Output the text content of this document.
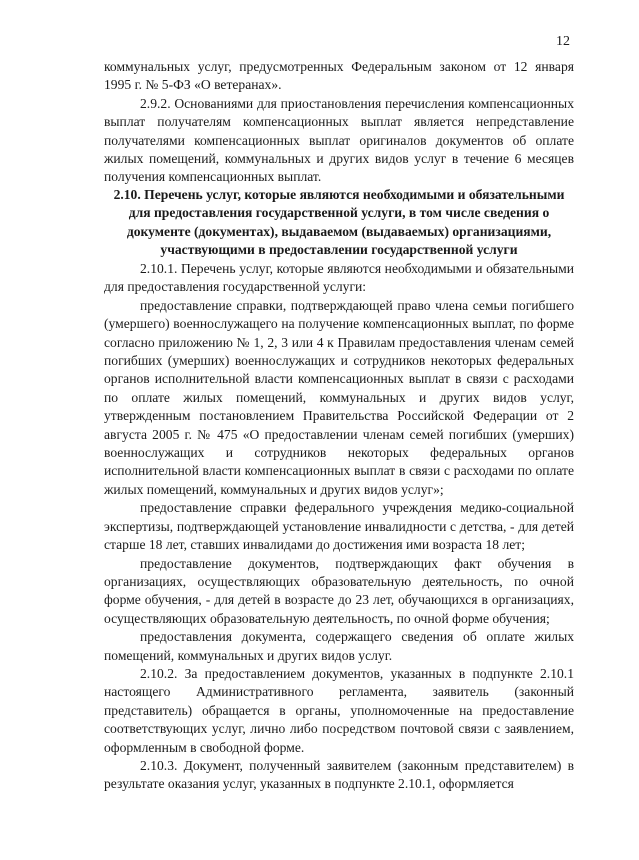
12

коммунальных услуг, предусмотренных Федеральным законом от 12 января 1995 г. № 5-ФЗ «О ветеранах».

2.9.2. Основаниями для приостановления перечисления компенсационных выплат получателям компенсационных выплат является непредставление получателями компенсационных выплат оригиналов документов об оплате жилых помещений, коммунальных и других видов услуг в течение 6 месяцев получения компенсационных выплат.

2.10. Перечень услуг, которые являются необходимыми и обязательными для предоставления государственной услуги, в том числе сведения о документе (документах), выдаваемом (выдаваемых) организациями, участвующими в предоставлении государственной услуги

2.10.1. Перечень услуг, которые являются необходимыми и обязательными для предоставления государственной услуги:

предоставление справки, подтверждающей право члена семьи погибшего (умершего) военнослужащего на получение компенсационных выплат, по форме согласно приложению № 1, 2, 3 или 4 к Правилам предоставления членам семей погибших (умерших) военнослужащих и сотрудников некоторых федеральных органов исполнительной власти компенсационных выплат в связи с расходами по оплате жилых помещений, коммунальных и других видов услуг, утвержденным постановлением Правительства Российской Федерации от 2 августа 2005 г. № 475 «О предоставлении членам семей погибших (умерших) военнослужащих и сотрудников некоторых федеральных органов исполнительной власти компенсационных выплат в связи с расходами по оплате жилых помещений, коммунальных и других видов услуг»;

предоставление справки федерального учреждения медико-социальной экспертизы, подтверждающей установление инвалидности с детства, - для детей старше 18 лет, ставших инвалидами до достижения ими возраста 18 лет;

предоставление документов, подтверждающих факт обучения в организациях, осуществляющих образовательную деятельность, по очной форме обучения, - для детей в возрасте до 23 лет, обучающихся в организациях, осуществляющих образовательную деятельность, по очной форме обучения;

предоставления документа, содержащего сведения об оплате жилых помещений, коммунальных и других видов услуг.

2.10.2. За предоставлением документов, указанных в подпункте 2.10.1 настоящего Административного регламента, заявитель (законный представитель) обращается в органы, уполномоченные на предоставление соответствующих услуг, лично либо посредством почтовой связи с заявлением, оформленным в свободной форме.

2.10.3. Документ, полученный заявителем (законным представителем) в результате оказания услуг, указанных в подпункте 2.10.1, оформляется
